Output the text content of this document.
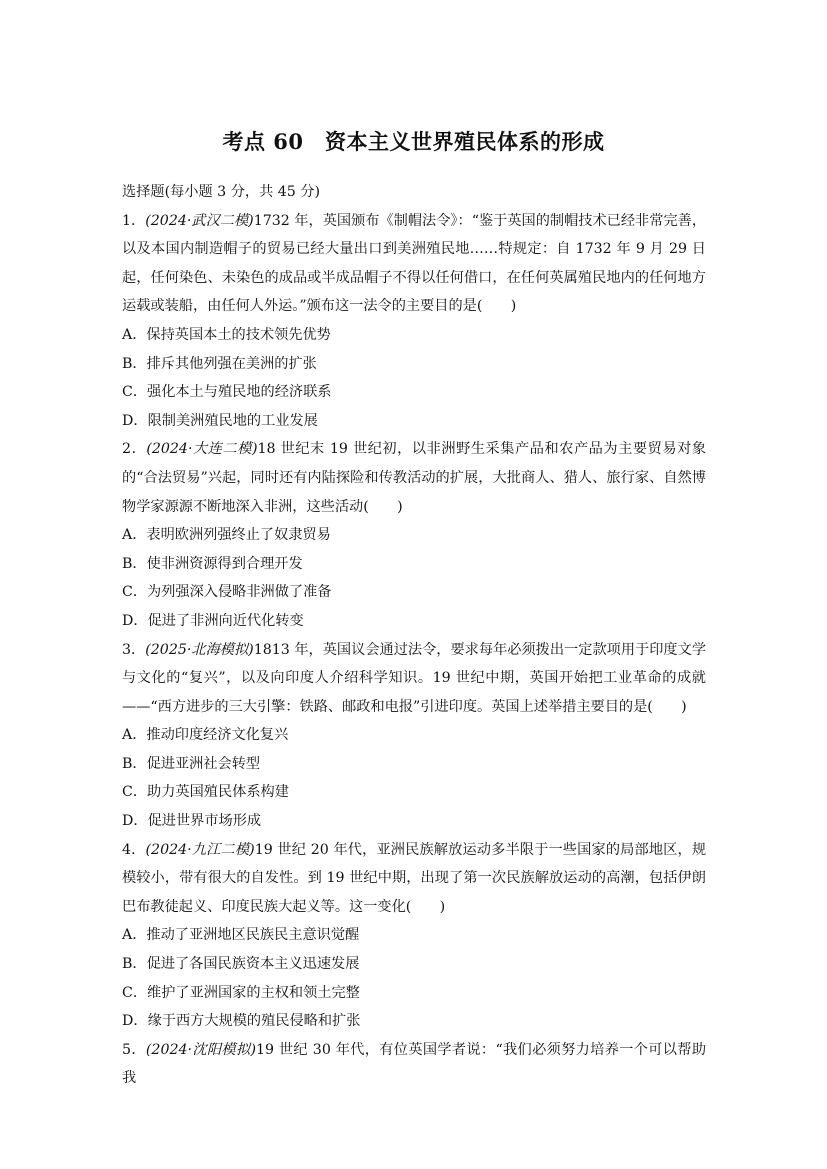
考点 60　资本主义世界殖民体系的形成

选择题(每小题 3 分，共 45 分)

1．(2024·武汉二模)1732 年，英国颁布《制帽法令》：“鉴于英国的制帽技术已经非常完善，以及本国内制造帽子的贸易已经大量出口到美洲殖民地……特规定：自 1732 年 9 月 29 日起，任何染色、未染色的成品或半成品帽子不得以任何借口，在任何英属殖民地内的任何地方运载或装船，由任何人外运。”颁布这一法令的主要目的是(　　)

A．保持英国本土的技术领先优势

B．排斥其他列强在美洲的扩张

C．强化本土与殖民地的经济联系

D．限制美洲殖民地的工业发展

2．(2024·大连二模)18 世纪末 19 世纪初，以非洲野生采集产品和农产品为主要贸易对象的“合法贸易”兴起，同时还有内陆探险和传教活动的扩展，大批商人、猎人、旅行家、自然博物学家源源不断地深入非洲，这些活动(　　)

A．表明欧洲列强终止了奴隶贸易

B．使非洲资源得到合理开发

C．为列强深入侵略非洲做了准备

D．促进了非洲向近代化转变

3．(2025·北海模拟)1813 年，英国议会通过法令，要求每年必须拨出一定款项用于印度文学与文化的“复兴”，以及向印度人介绍科学知识。19 世纪中期，英国开始把工业革命的成就——“西方进步的三大引擎：铁路、邮政和电报”引进印度。英国上述举措主要目的是(　　)

A．推动印度经济文化复兴

B．促进亚洲社会转型

C．助力英国殖民体系构建

D．促进世界市场形成

4．(2024·九江二模)19 世纪 20 年代，亚洲民族解放运动多半限于一些国家的局部地区，规模较小，带有很大的自发性。到 19 世纪中期，出现了第一次民族解放运动的高潮，包括伊朗巴布教徒起义、印度民族大起义等。这一变化(　　)

A．推动了亚洲地区民族民主意识觉醒

B．促进了各国民族资本主义迅速发展

C．维护了亚洲国家的主权和领土完整

D．缘于西方大规模的殖民侵略和扩张

5．(2024·沈阳模拟)19 世纪 30 年代，有位英国学者说：“我们必须努力培养一个可以帮助我
